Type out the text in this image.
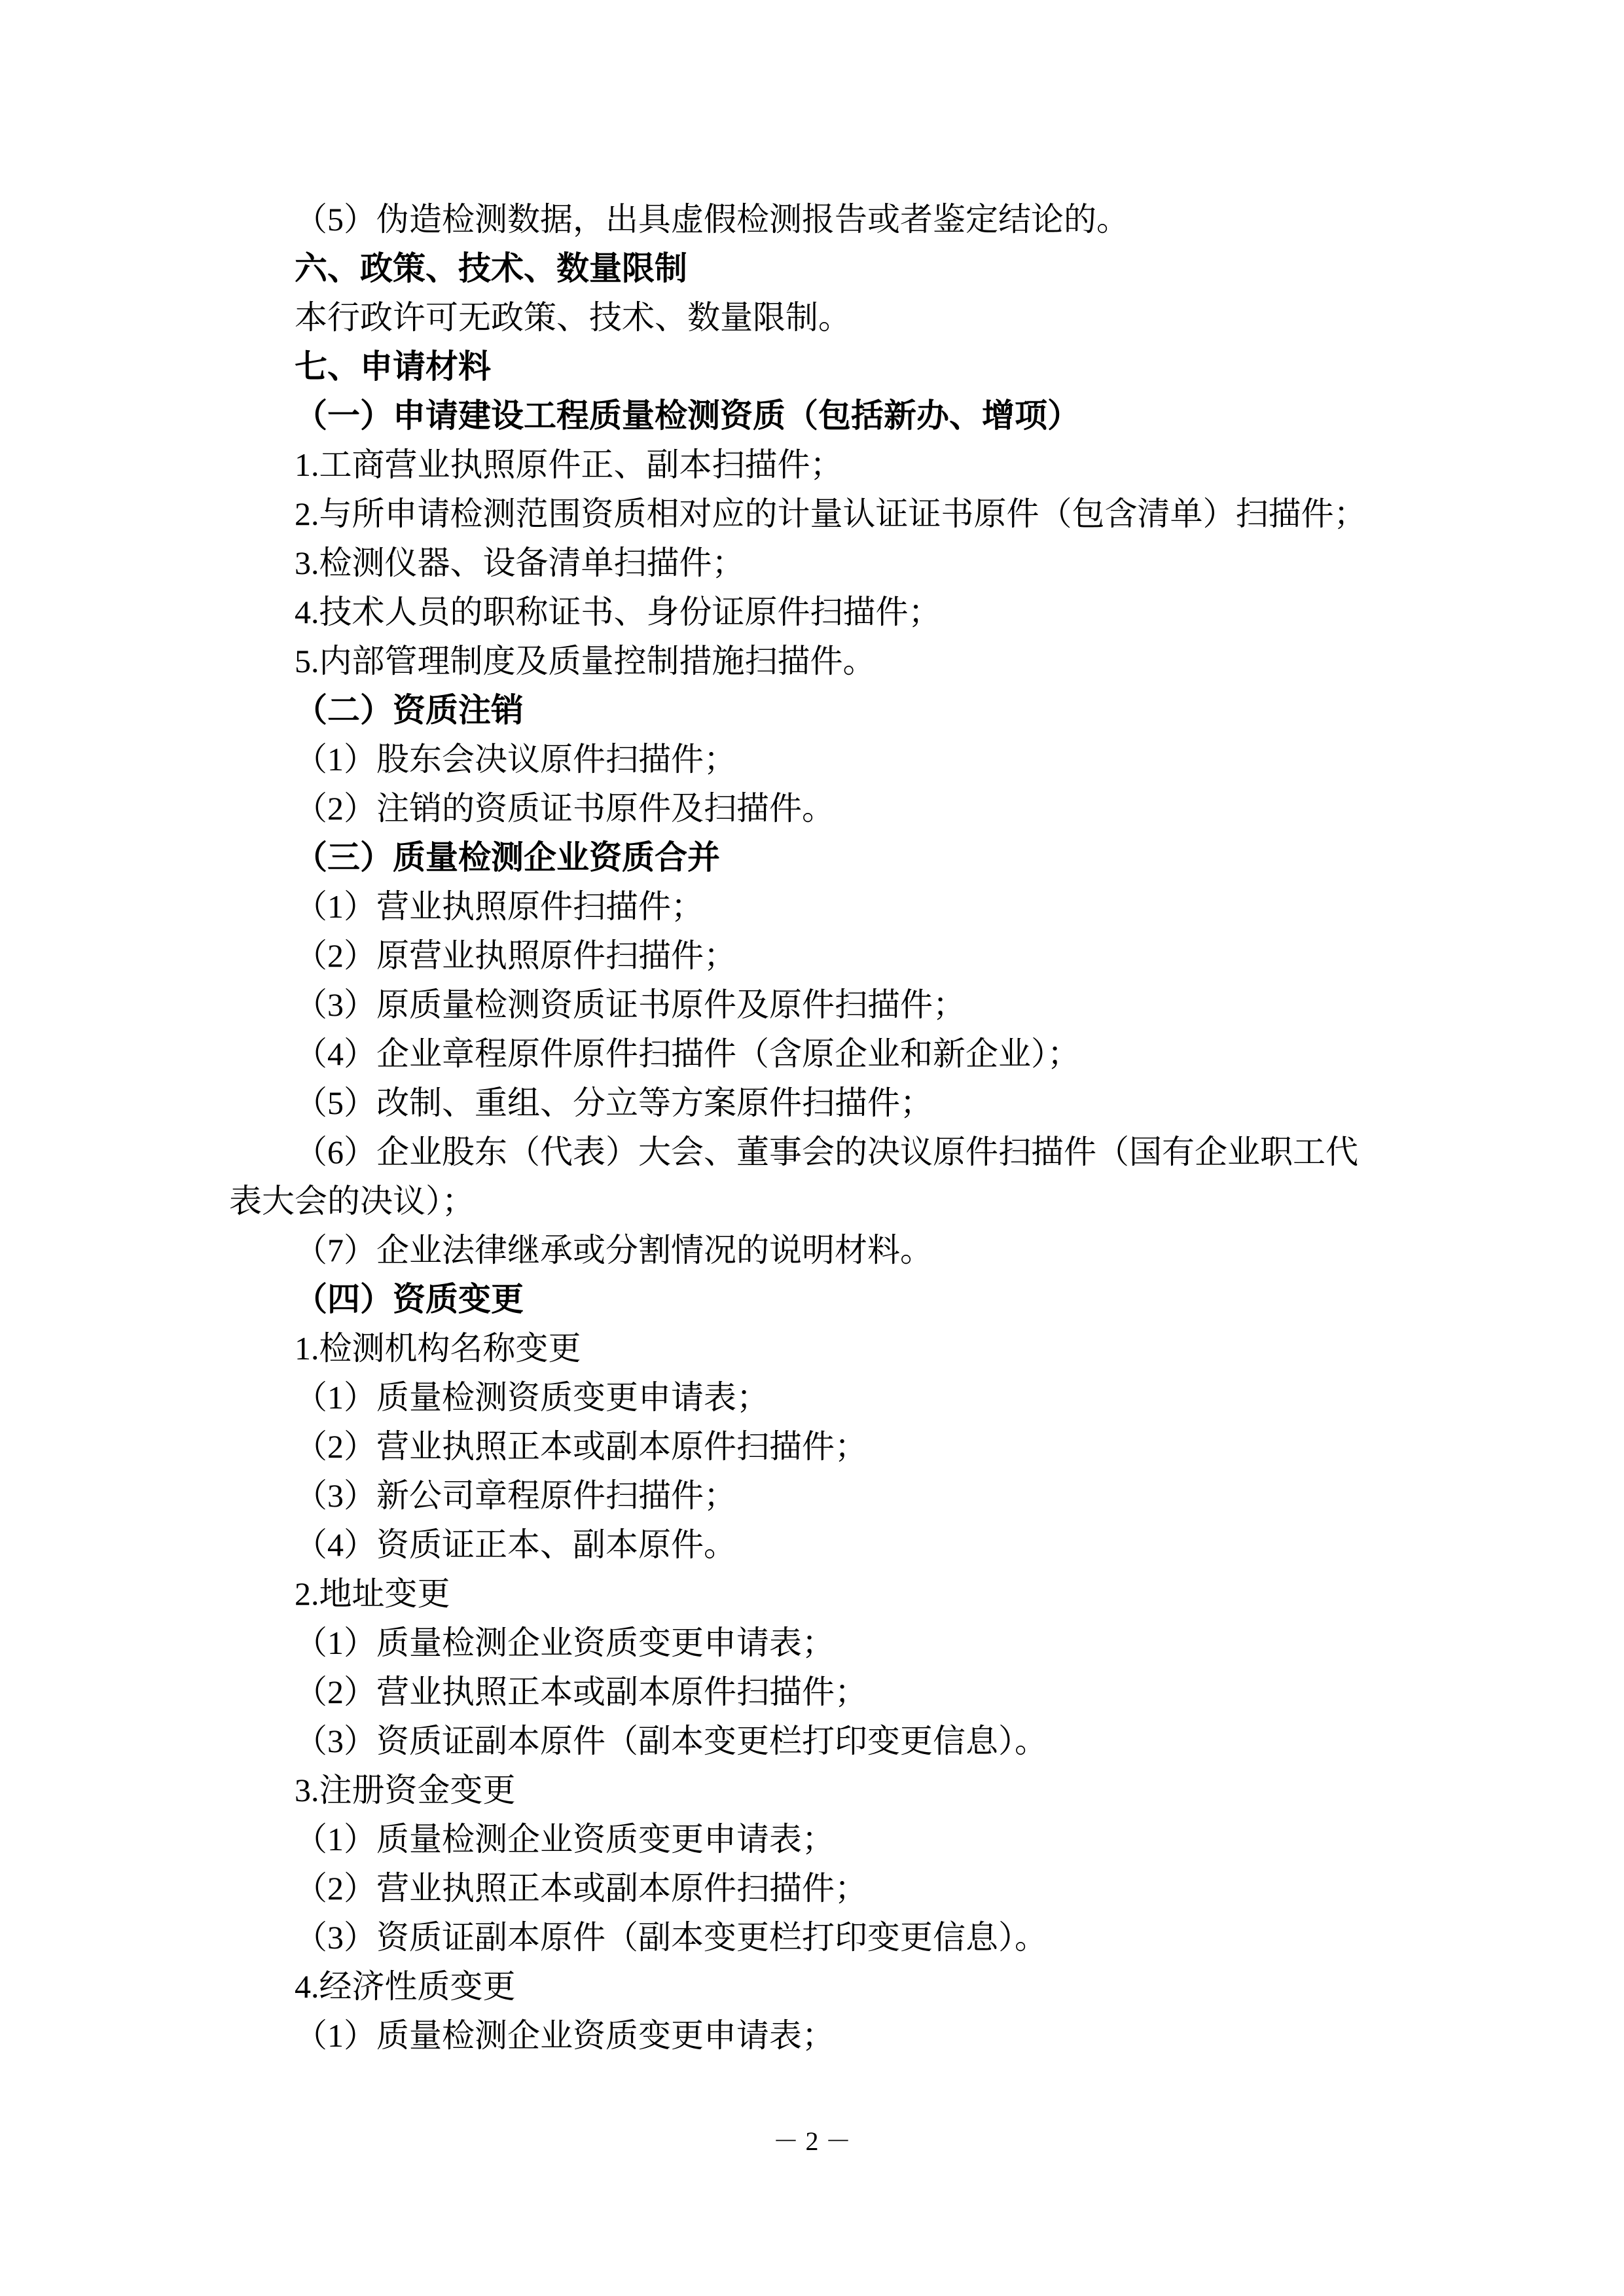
（5）伪造检测数据，出具虚假检测报告或者鉴定结论的。
六、政策、技术、数量限制
本行政许可无政策、技术、数量限制。
七、申请材料
（一）申请建设工程质量检测资质（包括新办、增项）
1.工商营业执照原件正、副本扫描件；
2.与所申请检测范围资质相对应的计量认证证书原件（包含清单）扫描件；
3.检测仪器、设备清单扫描件；
4.技术人员的职称证书、身份证原件扫描件；
5.内部管理制度及质量控制措施扫描件。
（二）资质注销
（1）股东会决议原件扫描件；
（2）注销的资质证书原件及扫描件。
（三）质量检测企业资质合并
（1）营业执照原件扫描件；
（2）原营业执照原件扫描件；
（3）原质量检测资质证书原件及原件扫描件；
（4）企业章程原件原件扫描件（含原企业和新企业）；
（5）改制、重组、分立等方案原件扫描件；
（6）企业股东（代表）大会、董事会的决议原件扫描件（国有企业职工代
表大会的决议）；
（7）企业法律继承或分割情况的说明材料。
（四）资质变更
1.检测机构名称变更
（1）质量检测资质变更申请表；
（2）营业执照正本或副本原件扫描件；
（3）新公司章程原件扫描件；
（4）资质证正本、副本原件。
2.地址变更
（1）质量检测企业资质变更申请表；
（2）营业执照正本或副本原件扫描件；
（3）资质证副本原件（副本变更栏打印变更信息）。
3.注册资金变更
（1）质量检测企业资质变更申请表；
（2）营业执照正本或副本原件扫描件；
（3）资质证副本原件（副本变更栏打印变更信息）。
4.经济性质变更
（1）质量检测企业资质变更申请表；
－ 2 －
